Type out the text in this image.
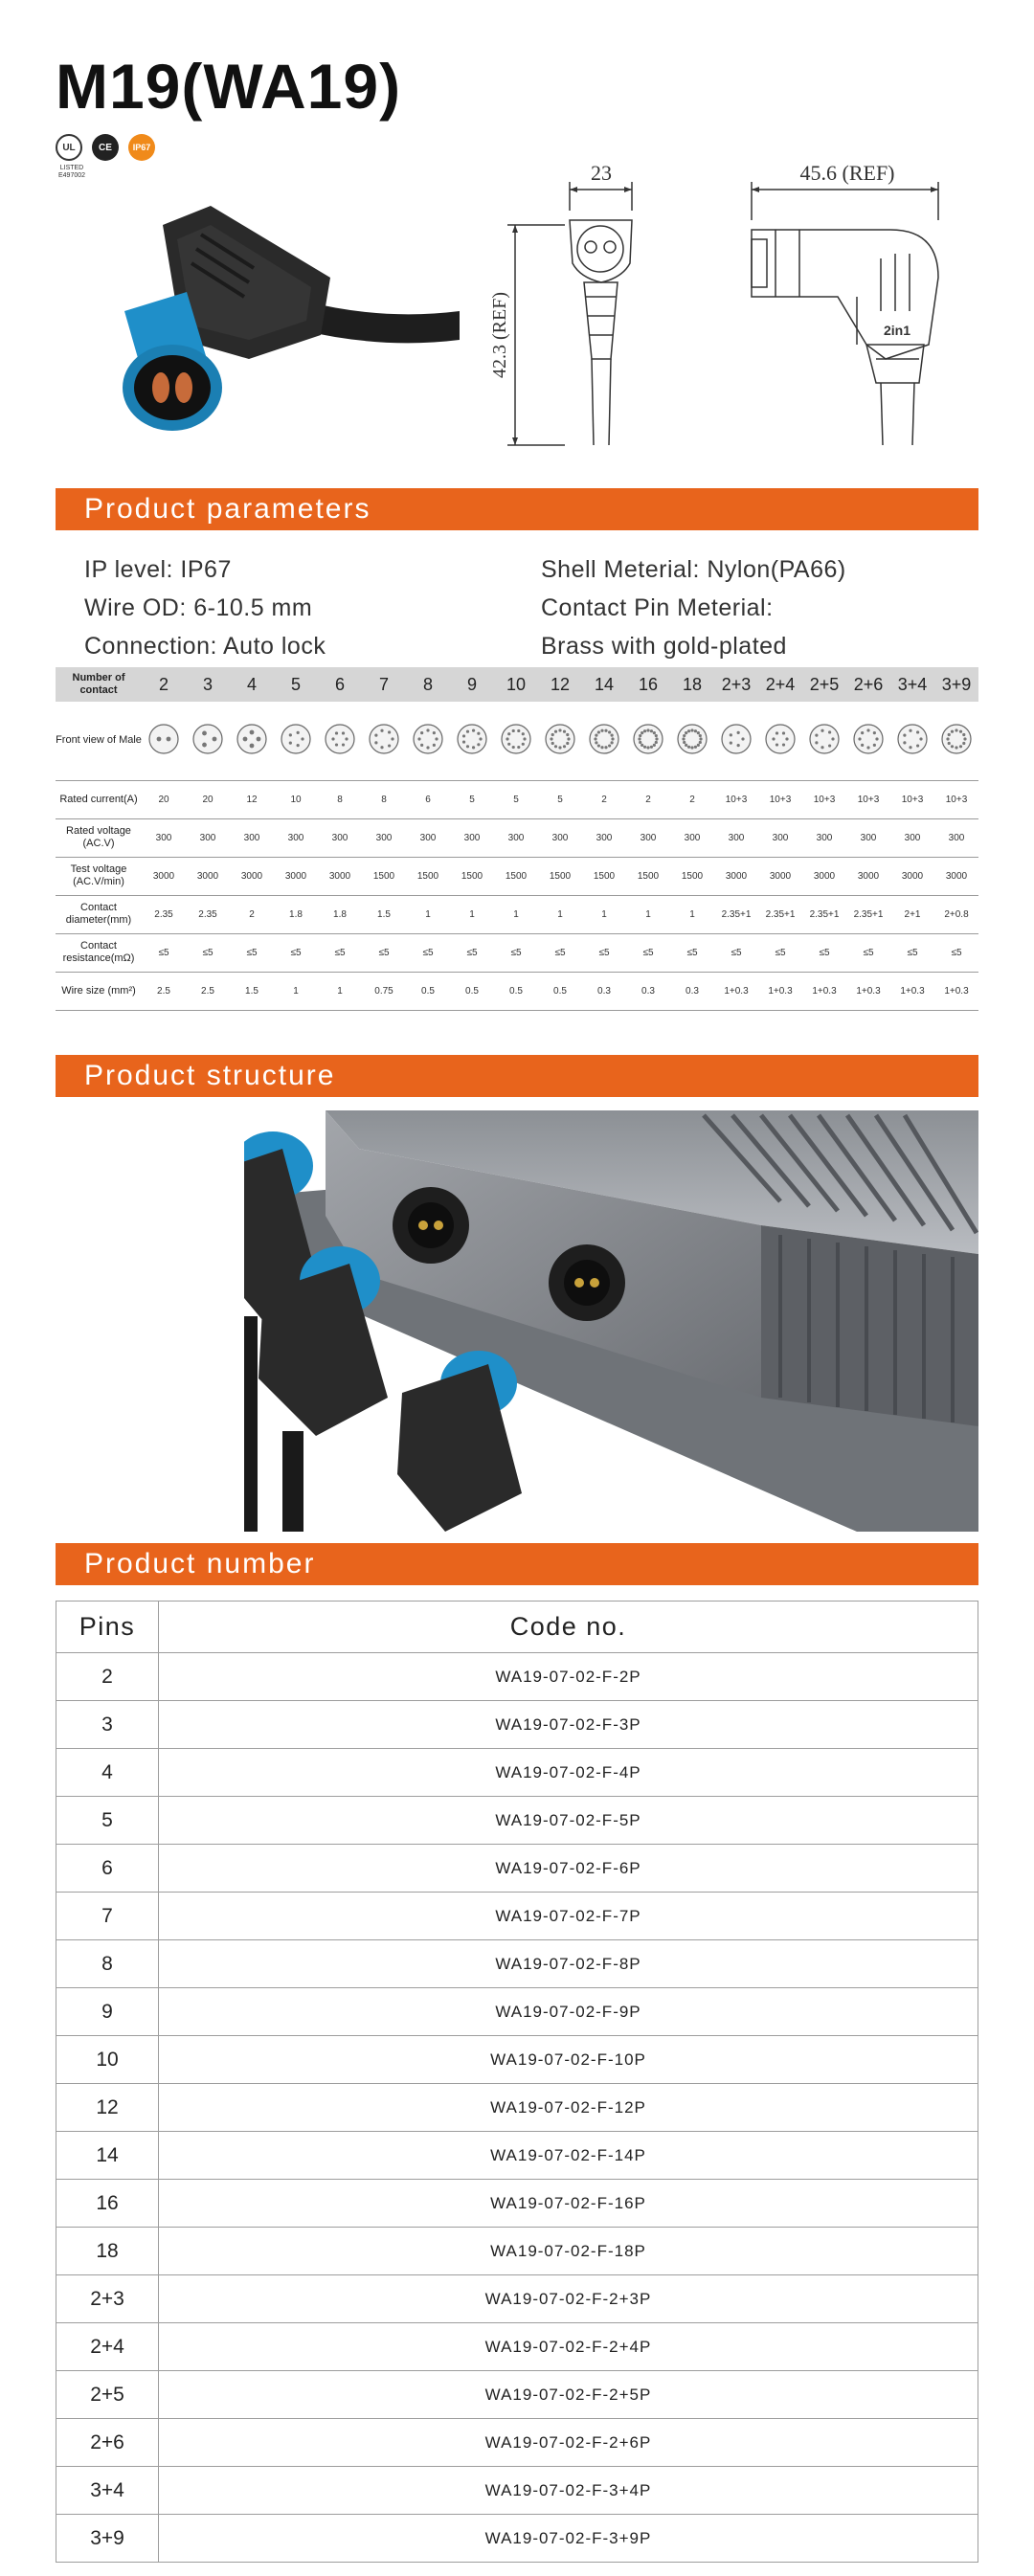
M19(WA19)
UL
LISTED E497002
CE IP67
23
42.3 (REF)
45.6 (REF)
2in1
Product parameters
IP level: IP67
Wire OD: 6-10.5 mm
Connection: Auto lock
Shell Meterial: Nylon(PA66)
Contact Pin Meterial:
Brass with gold-plated
Number of contact	2	3	4	5	6	7	8	9	10	12	14	16	18	2+3	2+4	2+5	2+6	3+4	3+9
Front view of Male																			
Rated current(A)	20	20	12	10	8	8	6	5	5	5	2	2	2	10+3	10+3	10+3	10+3	10+3	10+3
Rated voltage (AC.V)	300	300	300	300	300	300	300	300	300	300	300	300	300	300	300	300	300	300	300
Test voltage (AC.V/min)	3000	3000	3000	3000	3000	1500	1500	1500	1500	1500	1500	1500	1500	3000	3000	3000	3000	3000	3000
Contact diameter(mm)	2.35	2.35	2	1.8	1.8	1.5	1	1	1	1	1	1	1	2.35+1	2.35+1	2.35+1	2.35+1	2+1	2+0.8
Contact resistance(mΩ)	≤5	≤5	≤5	≤5	≤5	≤5	≤5	≤5	≤5	≤5	≤5	≤5	≤5	≤5	≤5	≤5	≤5	≤5	≤5
Wire size (mm²)	2.5	2.5	1.5	1	1	0.75	0.5	0.5	0.5	0.5	0.3	0.3	0.3	1+0.3	1+0.3	1+0.3	1+0.3	1+0.3	1+0.3
Product structure
Product number
Pins	Code no.
2	WA19-07-02-F-2P
3	WA19-07-02-F-3P
4	WA19-07-02-F-4P
5	WA19-07-02-F-5P
6	WA19-07-02-F-6P
7	WA19-07-02-F-7P
8	WA19-07-02-F-8P
9	WA19-07-02-F-9P
10	WA19-07-02-F-10P
12	WA19-07-02-F-12P
14	WA19-07-02-F-14P
16	WA19-07-02-F-16P
18	WA19-07-02-F-18P
2+3	WA19-07-02-F-2+3P
2+4	WA19-07-02-F-2+4P
2+5	WA19-07-02-F-2+5P
2+6	WA19-07-02-F-2+6P
3+4	WA19-07-02-F-3+4P
3+9	WA19-07-02-F-3+9P
